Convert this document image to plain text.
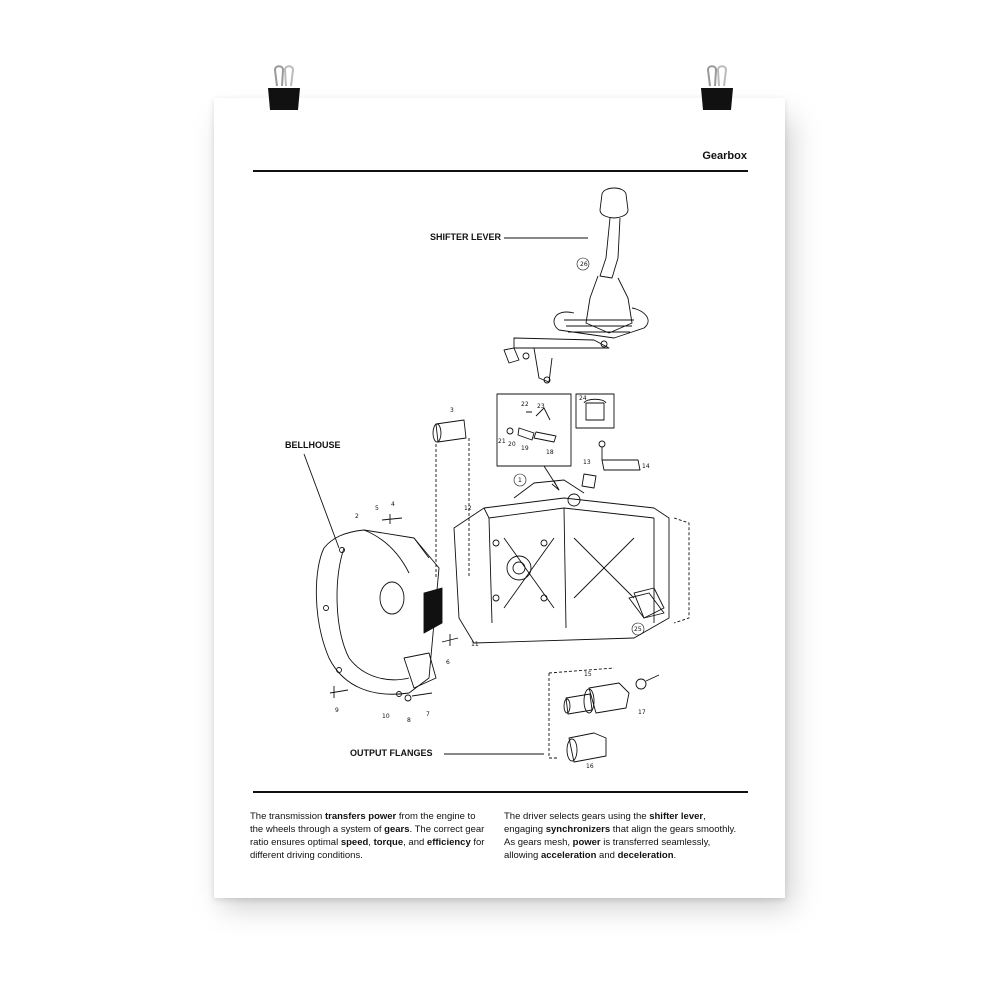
Gearbox
26
3
22 23
21 20
19
18
24
13
14
1
12
2
5
4
11
6
9
10
8
7
25
15
17
16
SHIFTER LEVER
BELLHOUSE
OUTPUT FLANGES
The transmission transfers power from the engine to the wheels through a system of gears. The correct gear ratio ensures optimal speed, torque, and efficiency for different driving conditions.
The driver selects gears using the shifter lever, engaging synchronizers that align the gears smoothly. As gears mesh, power is transferred seamlessly, allowing acceleration and deceleration.
